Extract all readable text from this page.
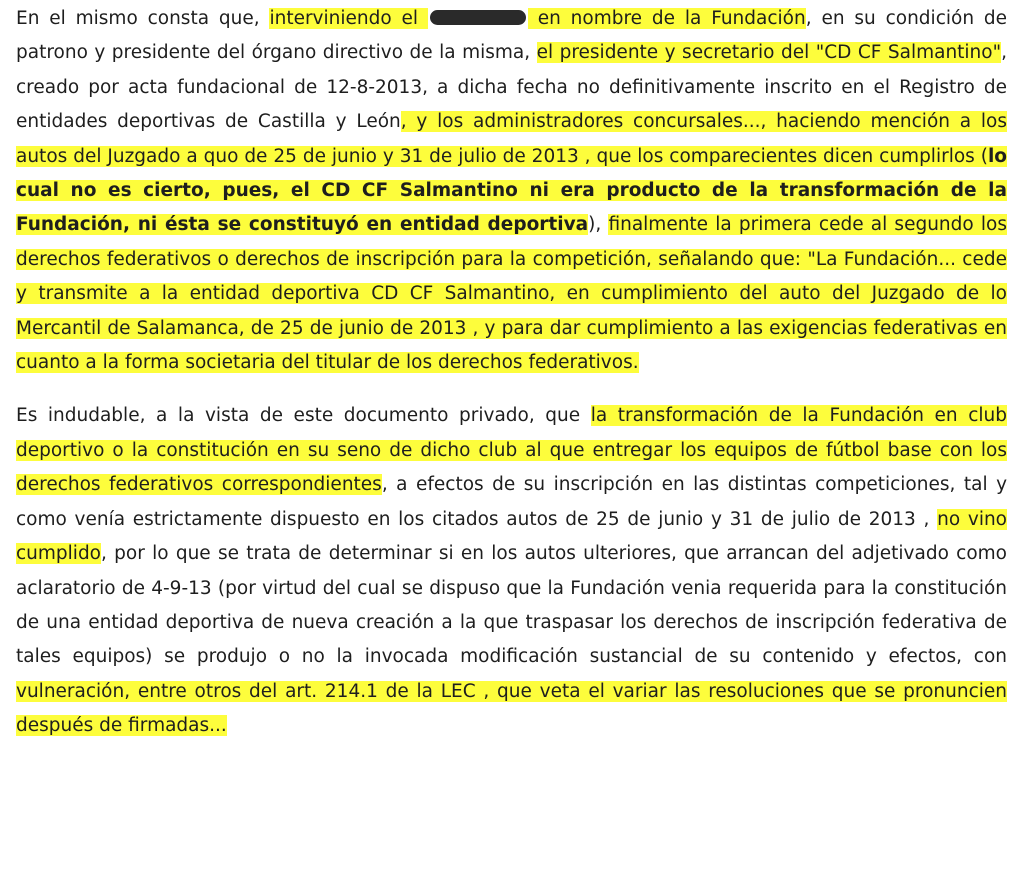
En el mismo consta que, interviniendo el	en nombre de la Fundación, en su condición de patrono y presidente del órgano directivo de la misma, el presidente y secretario del "CD CF Salmantino", creado por acta fundacional de 12-8-2013, a dicha fecha no definitivamente inscrito en el Registro de entidades deportivas de Castilla y León, y los administradores concursales..., haciendo mención a los autos del Juzgado a quo de 25 de junio y 31 de julio de 2013 , que los comparecientes dicen cumplirlos (lo cual no es cierto, pues, el CD CF Salmantino ni era producto de la transformación de la Fundación, ni ésta se constituyó en entidad deportiva), finalmente la primera cede al segundo los derechos federativos o derechos de inscripción para la competición, señalando que: "La Fundación... cede y transmite a la entidad deportiva CD CF Salmantino, en cumplimiento del auto del Juzgado de lo Mercantil de Salamanca, de 25 de junio de 2013 , y para dar cumplimiento a las exigencias federativas en cuanto a la forma societaria del titular de los derechos federativos.

Es indudable, a la vista de este documento privado, que la transformación de la Fundación en club deportivo o la constitución en su seno de dicho club al que entregar los equipos de fútbol base con los derechos federativos correspondientes, a efectos de su inscripción en las distintas competiciones, tal y como venía estrictamente dispuesto en los citados autos de 25 de junio y 31 de julio de 2013 , no vino cumplido, por lo que se trata de determinar si en los autos ulteriores, que arrancan del adjetivado como aclaratorio de 4-9-13 (por virtud del cual se dispuso que la Fundación venia requerida para la constitución de una entidad deportiva de nueva creación a la que traspasar los derechos de inscripción federativa de tales equipos) se produjo o no la invocada modificación sustancial de su contenido y efectos, con vulneración, entre otros del art. 214.1 de la LEC , que veta el variar las resoluciones que se pronuncien después de firmadas...
